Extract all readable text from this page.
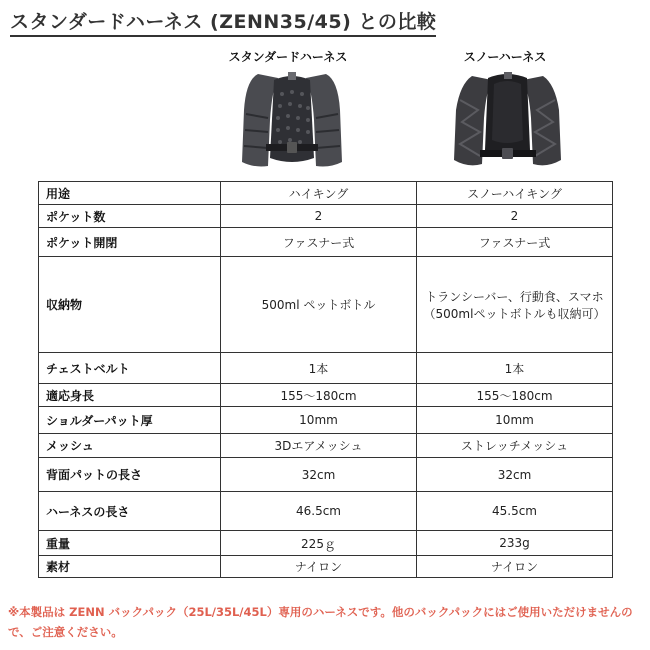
スタンダードハーネス (ZENN35/45) との比較
スタンダードハーネス	スノーハーネス
用途	ハイキング	スノーハイキング

ポケット数	2	2

ポケット開閉	ファスナー式	ファスナー式

収納物	500ml ペットボトル	トランシーバー、行動食、スマホ
（500mlペットボトルも収納可）

チェストベルト	1本	1本

適応身長	155〜180cm	155〜180cm

ショルダーパット厚	10mm	10mm

メッシュ	3Dエアメッシュ	ストレッチメッシュ

背面パットの長さ	32cm	32cm

ハーネスの長さ	46.5cm	45.5cm

重量	225ｇ	233g

素材	ナイロン	ナイロン
※本製品は ZENN バックパック（25L/35L/45L）専用のハーネスです。他のバックパックにはご使用いただけませんので、ご注意ください。
